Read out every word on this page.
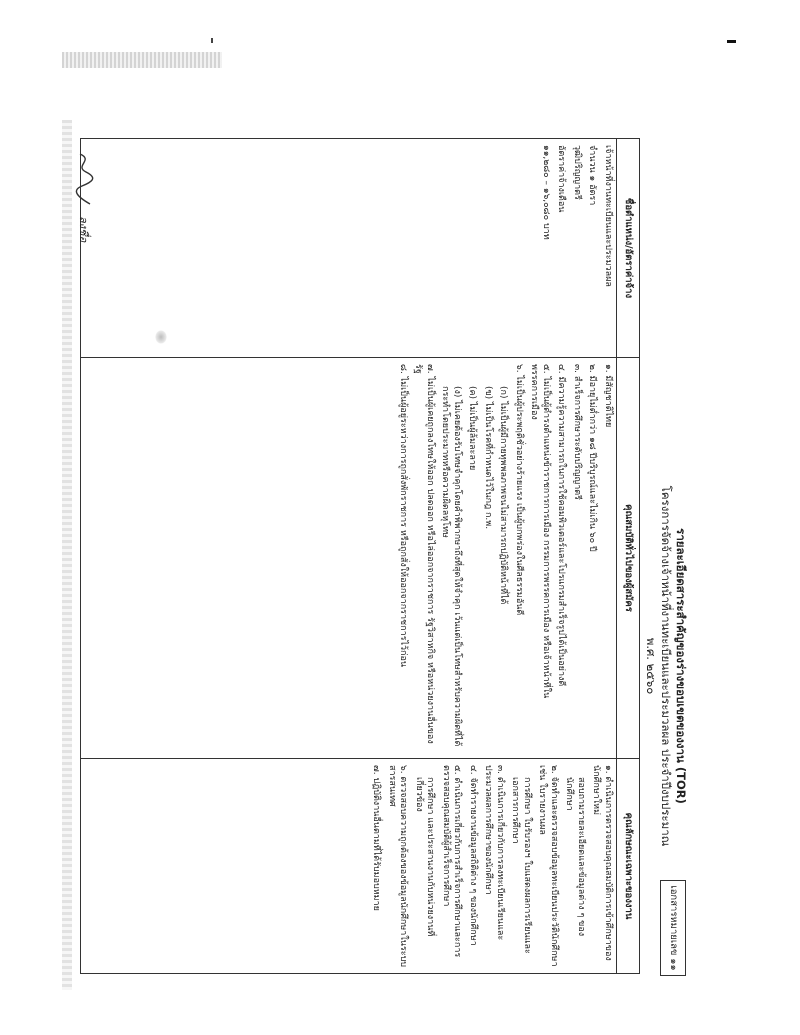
รายละเอียดสาระสำคัญของร่างขอบเขตของงาน (TOR)
โครงการจัดจ้างเจ้าหน้าที่งานทะเบียนและประมวลผล ประจำปีงบประมาณ พ.ศ. ๒๕๖๐
เอกสารหมายเลข ๑๑
ชื่อตำแหน่ง/อัตราค่าจ้าง
เจ้าหน้าที่งานทะเบียนและประมวลผล
จำนวน ๑ อัตรา
วุฒิปริญญาตรี
อัตราค่าจ้างเดือน
๑๑,๒๘๐ – ๑๖,๐๘๐ บาท
คุณสมบัติทั่วไปของผู้สมัคร
๑. มีสัญชาติไทย
๒. มีอายุไม่ต่ำกว่า ๑๘ ปีบริบูรณ์และไม่เกิน ๖๐ ปี
๓. สำเร็จการศึกษาระดับปริญญาตรี
๔. มีความรู้ความสามารถในการใช้คอมพิวเตอร์และโปรแกรมสำเร็จรูปได้เป็นอย่างดี
๕. ไม่เป็นผู้ดำรงตำแหน่งข้าราชการการเมือง กรรมการพรรคการเมือง หรือเจ้าหน้าที่ในพรรคการเมือง
๖. ไม่เป็นผู้ประพฤติชั่วอย่างร้ายแรง เป็นผู้บกพร่องในศีลธรรมอันดี
(ก) ไม่เป็นผู้มีกายทุพพลภาพจนไม่สามารถปฏิบัติหน้าที่ได้
(ข) ไม่เป็นโรคที่กำหนดไว้ในกฎ ก.พ.
(ค) ไม่เป็นผู้ล้มละลาย
(ง) ไม่เคยต้องรับโทษจำคุกโดยคำพิพากษาถึงที่สุดให้จำคุก เว้นแต่เป็นโทษสำหรับความผิดที่ได้กระทำโดยประมาทหรือความผิดลหุโทษ
๗. ไม่เป็นผู้เคยถูกลงโทษให้ออก ปลดออก หรือไล่ออกจากราชการ รัฐวิสาหกิจ หรือหน่วยงานอื่นของรัฐ
๘. ไม่เป็นผู้อยู่ระหว่างการถูกสั่งพักราชการ หรือถูกสั่งให้ออกจากราชการไว้ก่อน
คุณลักษณะเฉพาะของงาน
๑. ดำเนินการตรวจสอบคุณสมบัติการเข้าศึกษาของนักศึกษาใหม่
สอบถามรายละเอียดและข้อมูลต่าง ๆ ของนักศึกษา
๒. จัดทำและตรวจสอบข้อมูลทะเบียนประวัตินักศึกษา เช่น ใบรายงานผล
การศึกษา ใบรับรองฯ ใบแสดงผลการเรียนและเอกสารการศึกษา
๓. ดำเนินการเกี่ยวกับการลงทะเบียนเรียนและประมวลผลการศึกษาของนักศึกษา
๔. จัดทำรายงานข้อมูลสถิติต่าง ๆ ของนักศึกษา
๕. ดำเนินการเกี่ยวกับการสำเร็จการศึกษาและการตรวจสอบคุณสมบัติผู้สำเร็จการศึกษา
การศึกษา และประสานงานกับหน่วยงานที่เกี่ยวข้อง
๖. ตรวจสอบความถูกต้องของข้อมูลนักศึกษาในระบบสารสนเทศ
๗. ปฏิบัติงานอื่นตามที่ได้รับมอบหมาย
ลงชื่อ
